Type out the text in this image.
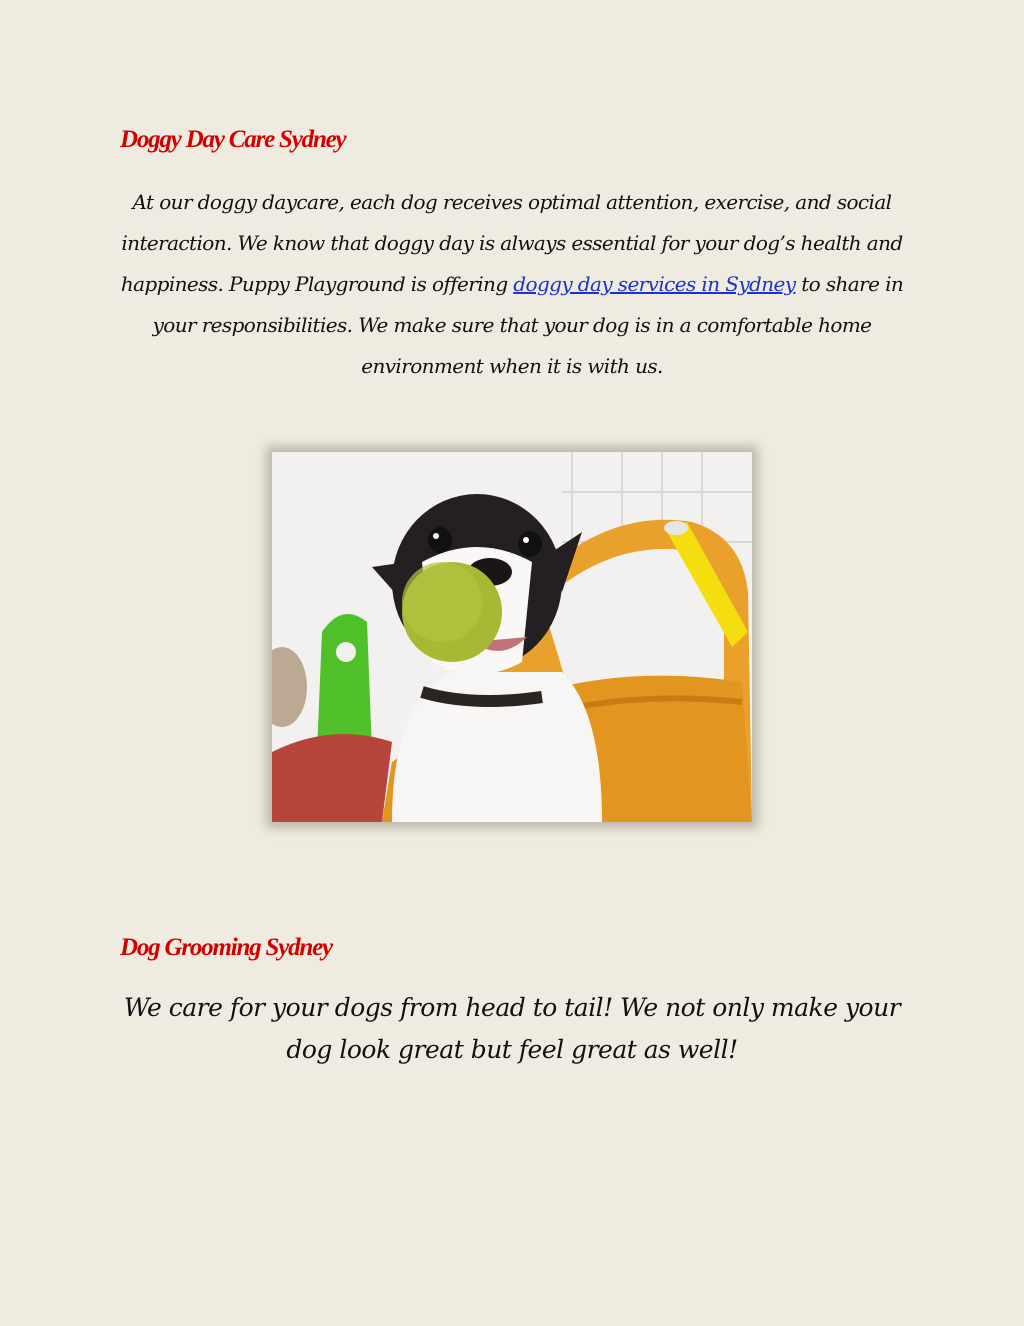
Doggy Day Care Sydney

At our doggy daycare, each dog receives optimal attention, exercise, and social interaction. We know that doggy day is always essential for your dog’s health and happiness. Puppy Playground is offering doggy day services in Sydney to share in your responsibilities. We make sure that your dog is in a comfortable home environment when it is with us.

Dog Grooming Sydney

We care for your dogs from head to tail! We not only make your dog look great but feel great as well!
